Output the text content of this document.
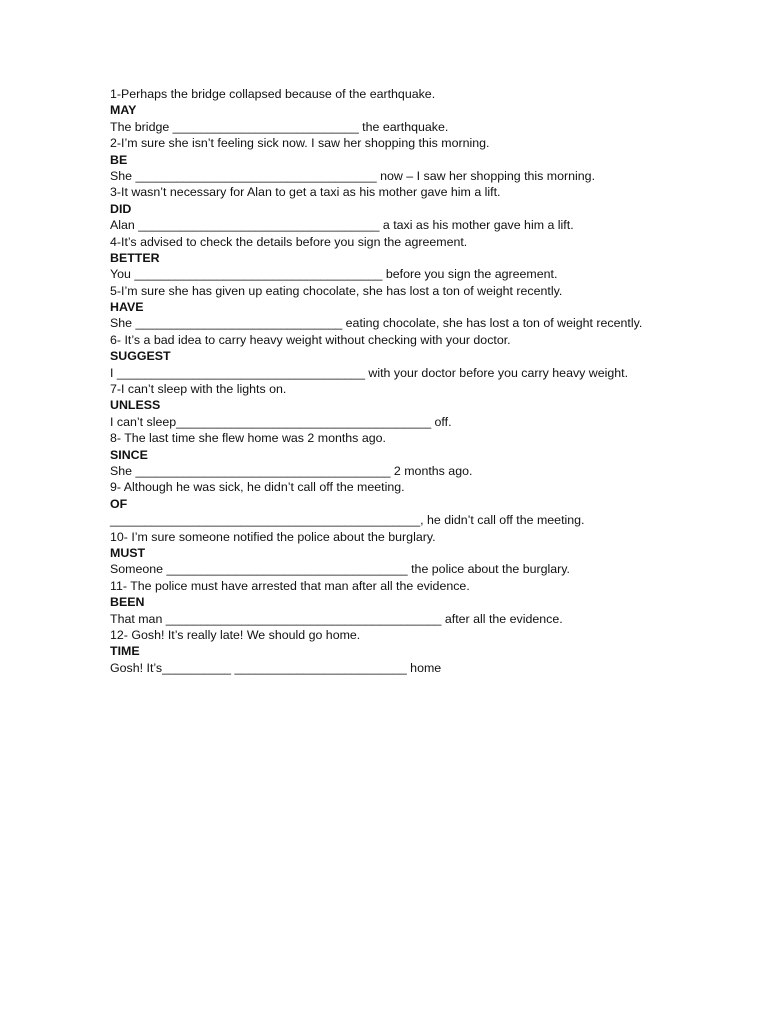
1-Perhaps the bridge collapsed because of the earthquake.
MAY
The bridge ___________________________ the earthquake.
2-I’m sure she isn’t feeling sick now. I saw her shopping this morning.
BE
She ___________________________________ now – I saw her shopping this morning.
3-It wasn’t necessary for Alan to get a taxi as his mother gave him a lift.
DID
Alan ___________________________________ a taxi as his mother gave him a lift.
4-It’s advised to check the details before you sign the agreement.
BETTER
You ____________________________________ before you sign the agreement.
5-I’m sure she has given up eating chocolate, she has lost a ton of weight recently.
HAVE
She ______________________________ eating chocolate, she has lost a ton of weight recently.
6- It’s a bad idea to carry heavy weight without checking with your doctor.
SUGGEST
I ____________________________________ with your doctor before you carry heavy weight.
7-I can’t sleep with the lights on.
UNLESS
I can’t sleep_____________________________________ off.
8- The last time she flew home was 2 months ago.
SINCE
She _____________________________________ 2 months ago.
9- Although he was sick, he didn’t call off the meeting.
OF
_____________________________________________, he didn’t call off the meeting.
10- I’m sure someone notified the police about the burglary.
MUST
Someone ___________________________________ the police about the burglary.
11- The police must have arrested that man after all the evidence.
BEEN
That man ________________________________________ after all the evidence.
12- Gosh! It’s really late! We should go home.
TIME
Gosh! It’s__________ _________________________ home
